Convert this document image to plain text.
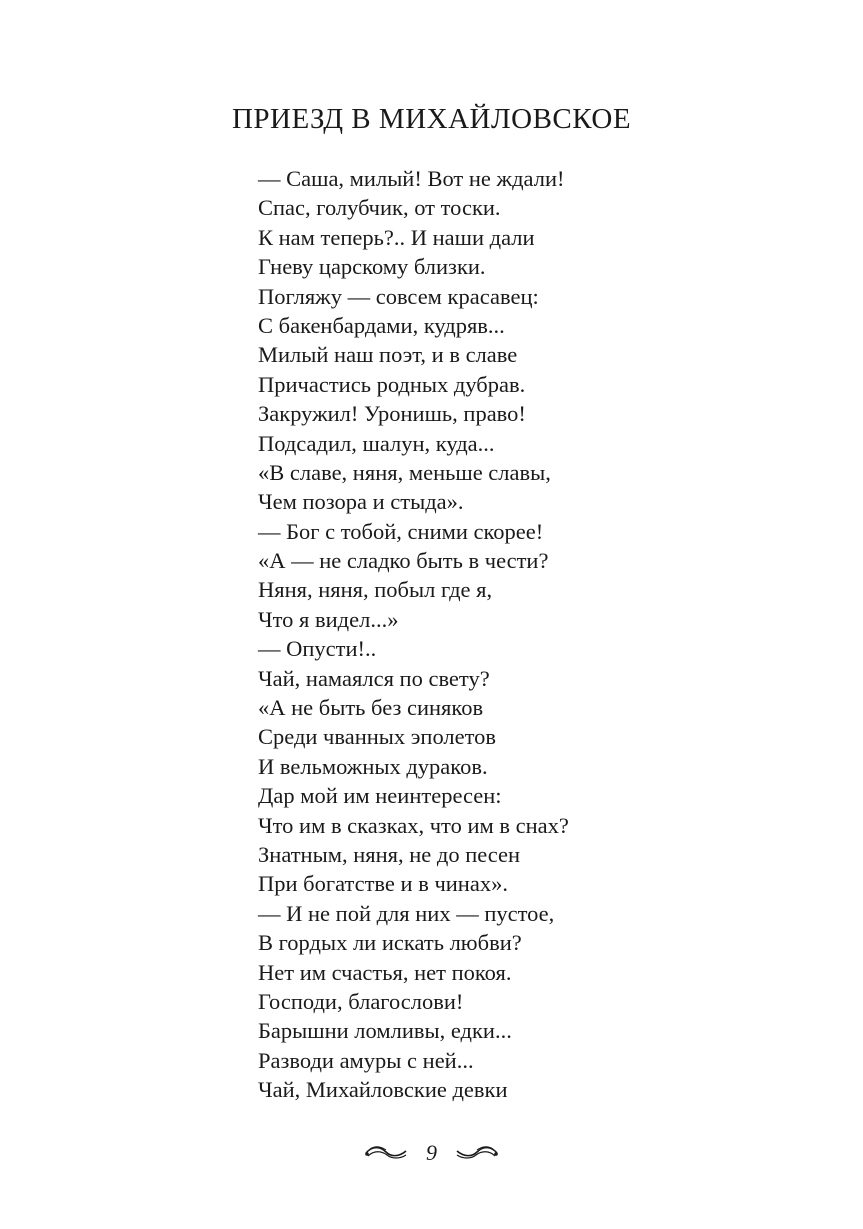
ПРИЕЗД В МИХАЙЛОВСКОЕ
— Саша, милый! Вот не ждали!
Спас, голубчик, от тоски.
К нам теперь?.. И наши дали
Гневу царскому близки.
Погляжу — совсем красавец:
С бакенбардами, кудряв...
Милый наш поэт, и в славе
Причастись родных дубрав.
Закружил! Уронишь, право!
Подсадил, шалун, куда...
«В славе, няня, меньше славы,
Чем позора и стыда».
— Бог с тобой, сними скорее!
«А — не сладко быть в чести?
Няня, няня, побыл где я,
Что я видел...»
— Опусти!..
Чай, намаялся по свету?
«А не быть без синяков
Среди чванных эполетов
И вельможных дураков.
Дар мой им неинтересен:
Что им в сказках, что им в снах?
Знатным, няня, не до песен
При богатстве и в чинах».
— И не пой для них — пустое,
В гордых ли искать любви?
Нет им счастья, нет покоя.
Господи, благослови!
Барышни ломливы, едки...
Разводи амуры с ней...
Чай, Михайловские девки
9
